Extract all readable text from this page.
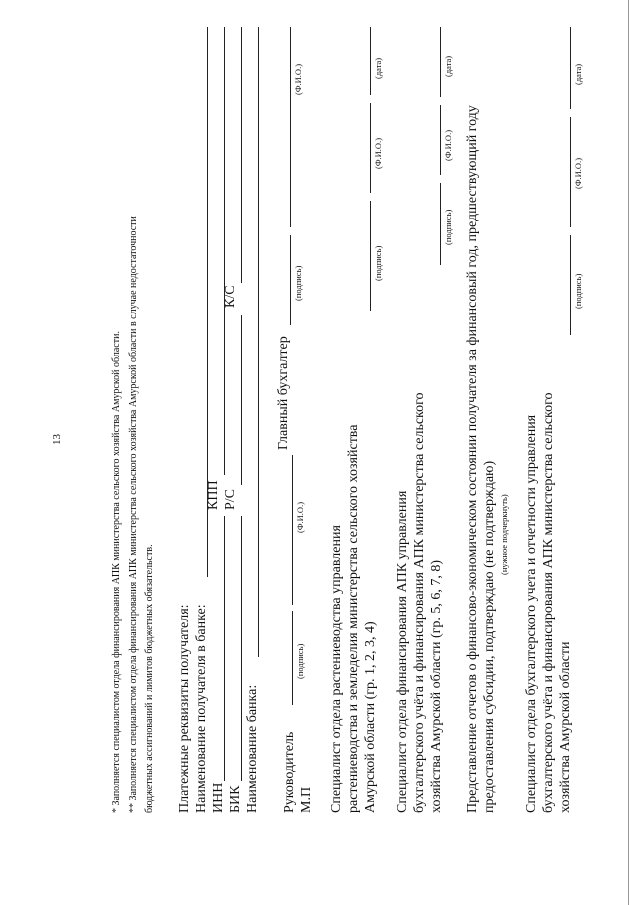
13	* Заполняется специалистом отдела финансирования АПК министерства сельского хозяйства Амурской области. ** Заполняется специалистом отдела финансирования АПК министерства сельского хозяйства Амурской области в случае недостаточности бюджетных ассигнований и лимитов бюджетных обязательств. Платежные реквизиты получателя: Наименование получателя в банке: ИНН
КПП
БИК
Р/С
К/С
Наименование банка: Руководитель М.П
(подпись)
(Ф.И.О.)
Главный бухгалтер
(подпись)
(Ф.И.О.)
Специалист отдела растениеводства управления растениеводства и земледелия министерства сельского хозяйства Амурской области (гр. 1, 2, 3, 4)
(подпись)
(Ф.И.О.)
(дата)
Специалист отдела финансирования АПК управления бухгалтерского учёта и финансирования АПК министерства сельского хозяйства Амурской области (гр. 5, 6, 7, 8)
(подпись)
(Ф.И.О.)
(дата)
Представление отчетов о финансово-экономическом состоянии получателя за финансовый год, предшествующий году предоставления субсидии, подтверждаю (не подтверждаю) (нужное подчеркнуть) Специалист отдела бухгалтерского учета и отчетности управления бухгалтерского учёта и финансирования АПК министерства сельского хозяйства Амурской области
(подпись)
(Ф.И.О.)
(дата)
